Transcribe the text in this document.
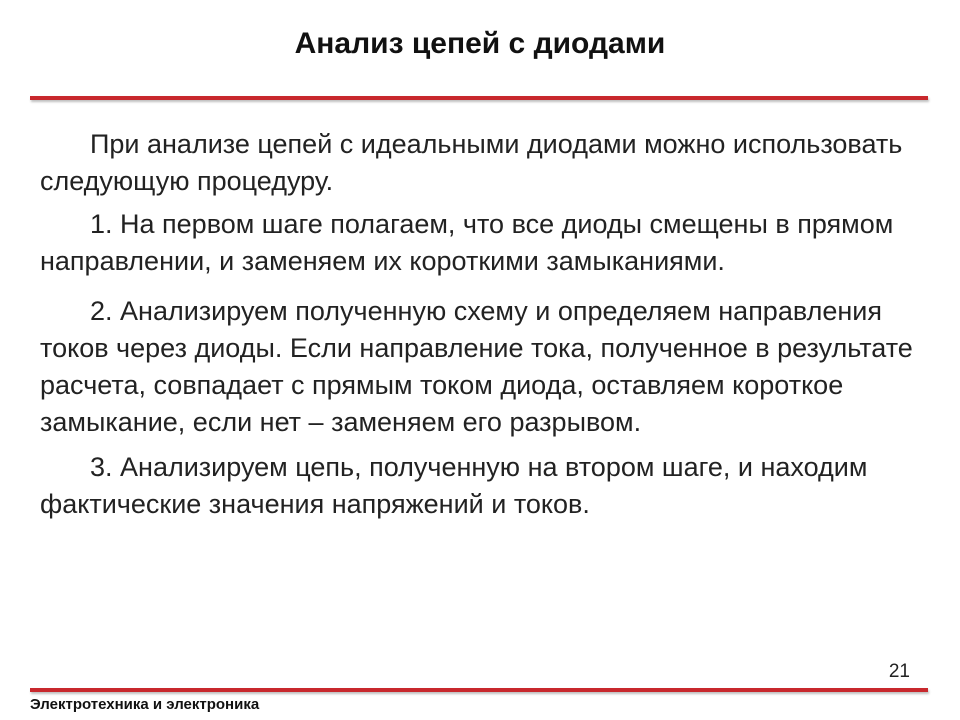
Анализ цепей с диодами

При анализе цепей с идеальными диодами можно использовать следующую процедуру.

1. На первом шаге полагаем, что все диоды смещены в прямом направлении, и заменяем их короткими замыканиями.

2. Анализируем полученную схему и определяем направления токов через диоды. Если направление тока, полученное в результате расчета, совпадает с прямым током диода, оставляем короткое замыкание, если нет – заменяем его разрывом.

3. Анализируем цепь, полученную на втором шаге, и находим фактические значения напряжений и токов.

21
Электротехника и электроника
